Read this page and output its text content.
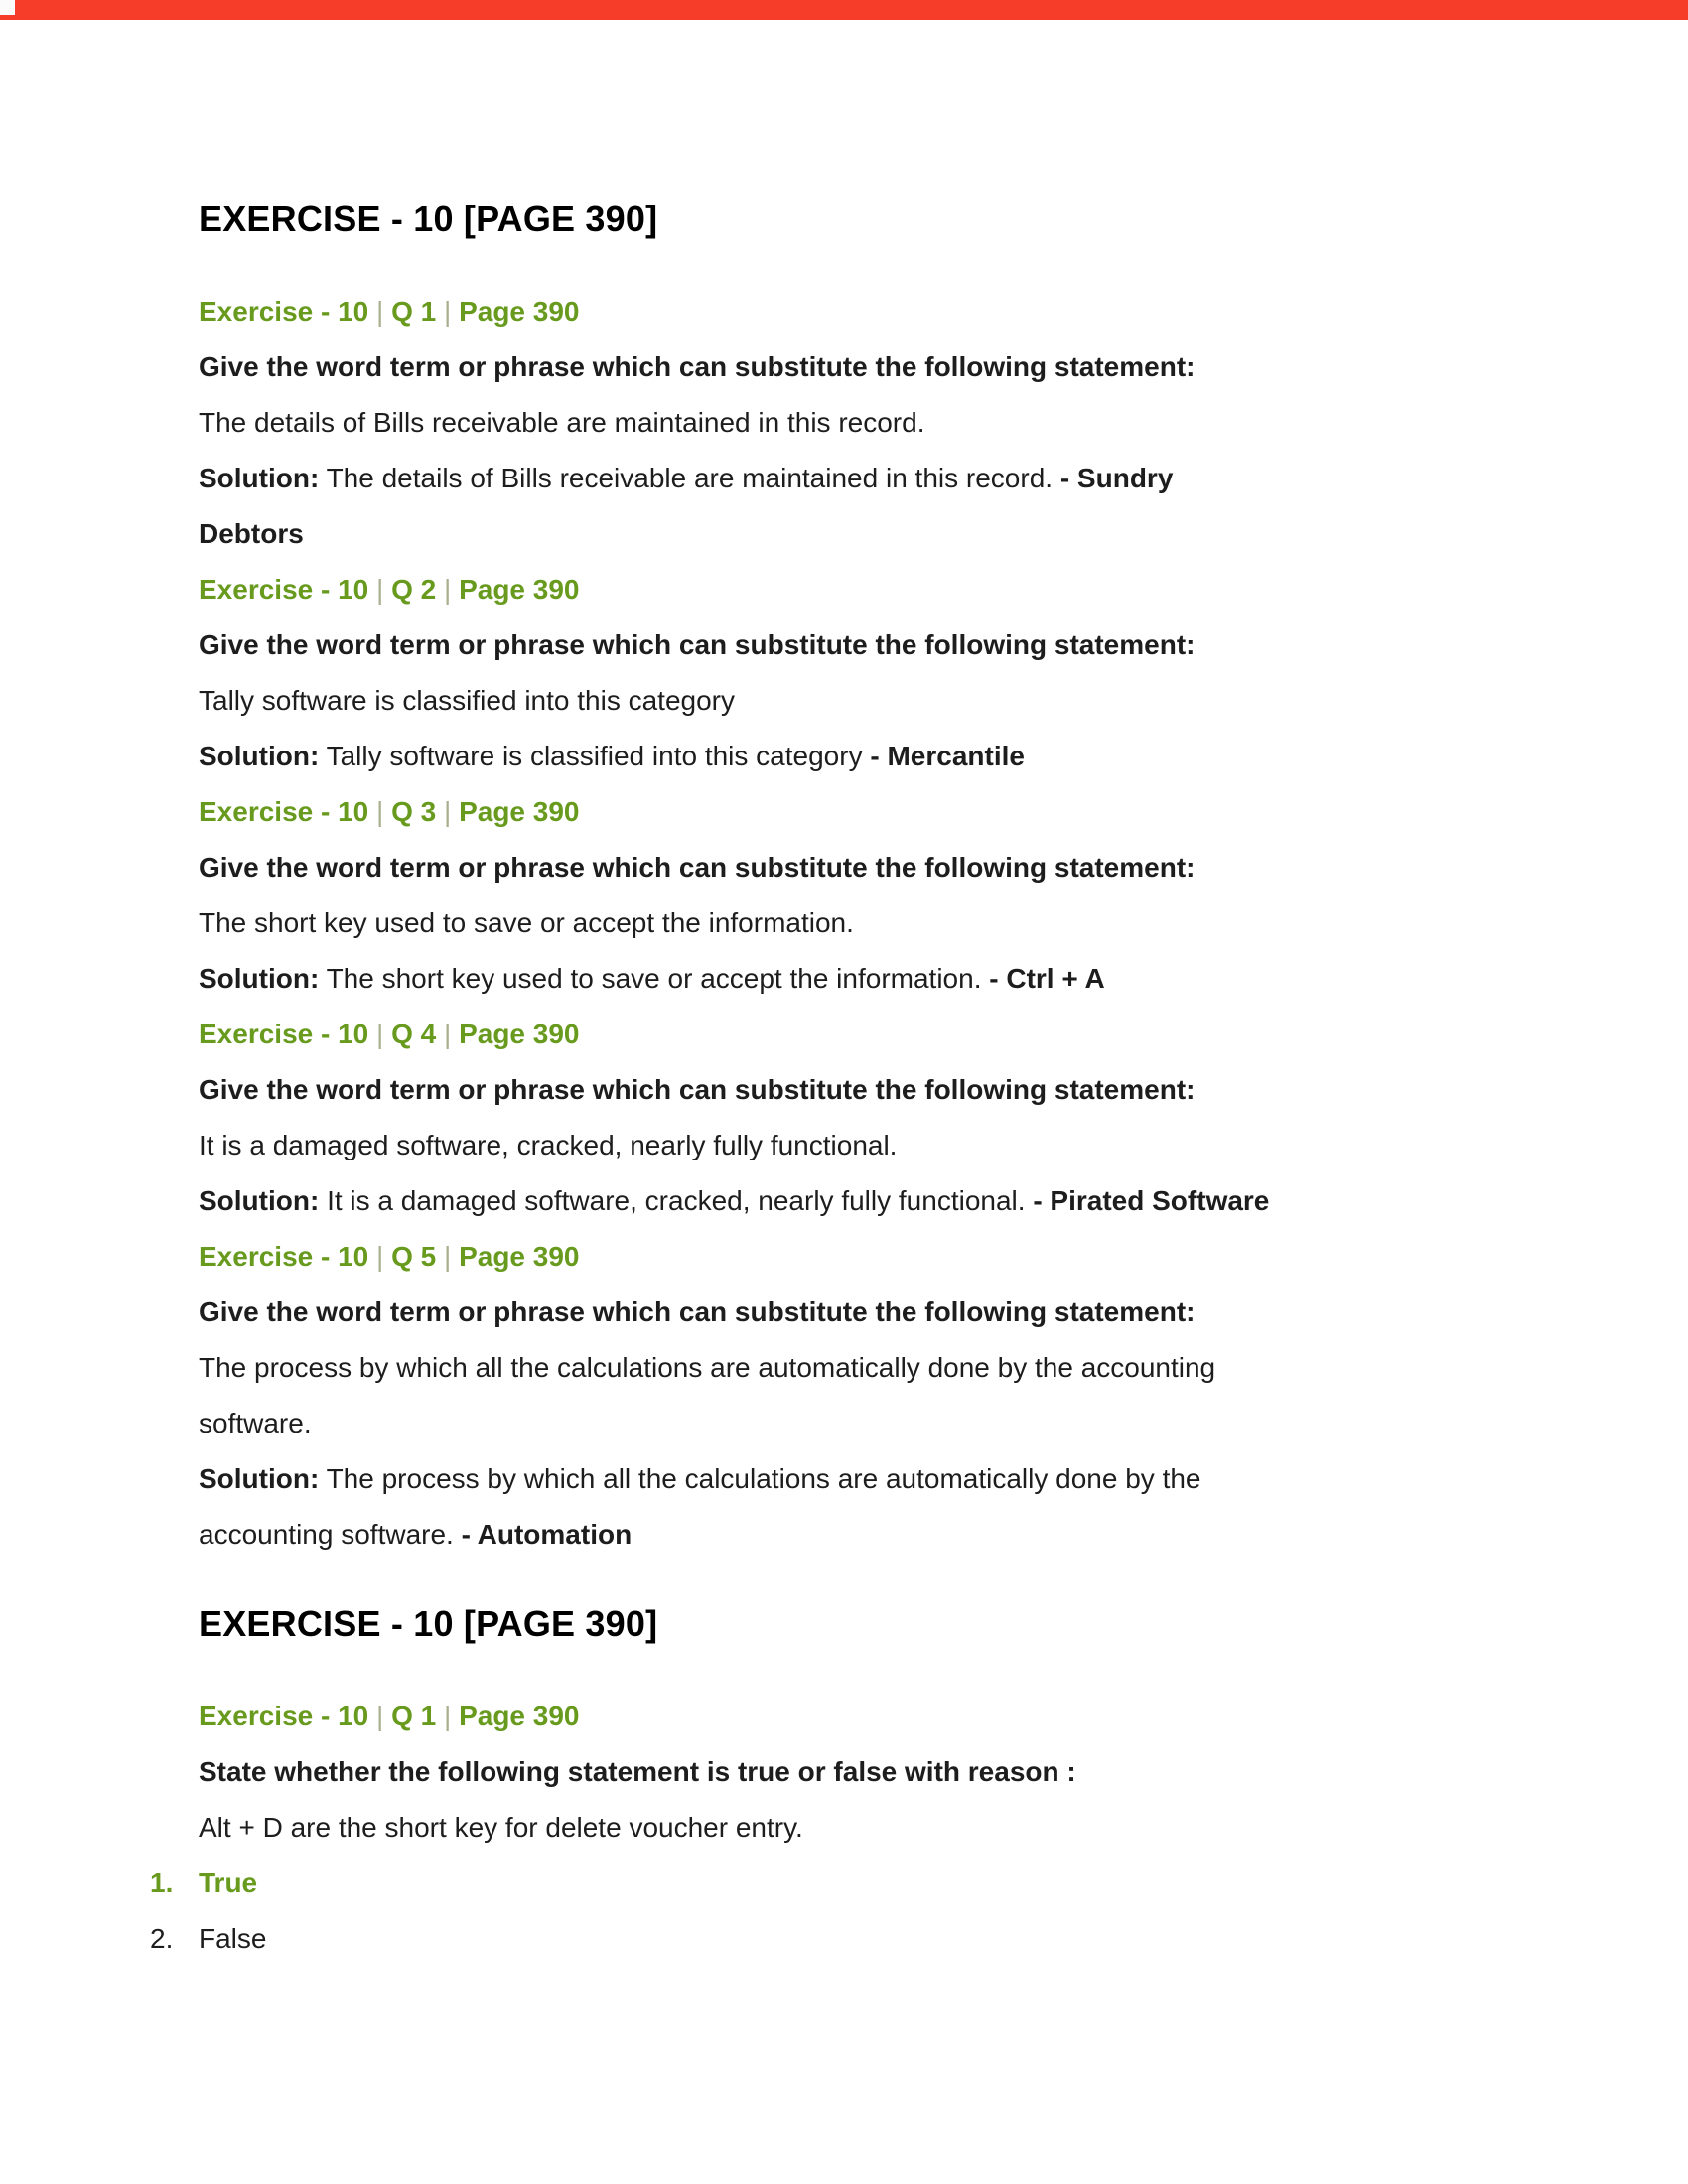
EXERCISE - 10 [PAGE 390]
Exercise - 10 | Q 1 | Page 390
Give the word term or phrase which can substitute the following statement:
The details of Bills receivable are maintained in this record.
Solution: The details of Bills receivable are maintained in this record. - Sundry
Debtors
Exercise - 10 | Q 2 | Page 390
Give the word term or phrase which can substitute the following statement:
Tally software is classified into this category
Solution: Tally software is classified into this category - Mercantile
Exercise - 10 | Q 3 | Page 390
Give the word term or phrase which can substitute the following statement:
The short key used to save or accept the information.
Solution: The short key used to save or accept the information. - Ctrl + A
Exercise - 10 | Q 4 | Page 390
Give the word term or phrase which can substitute the following statement:
It is a damaged software, cracked, nearly fully functional.
Solution: It is a damaged software, cracked, nearly fully functional. - Pirated Software
Exercise - 10 | Q 5 | Page 390
Give the word term or phrase which can substitute the following statement:
The process by which all the calculations are automatically done by the accounting
software.
Solution: The process by which all the calculations are automatically done by the
accounting software. - Automation
EXERCISE - 10 [PAGE 390]
Exercise - 10 | Q 1 | Page 390
State whether the following statement is true or false with reason :
Alt + D are the short key for delete voucher entry.
1. True
2. False
